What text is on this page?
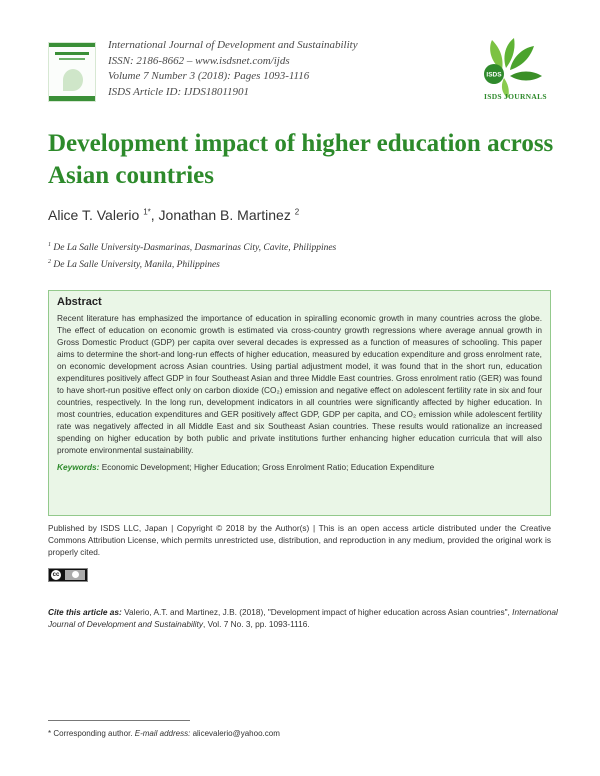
International Journal of Development and Sustainability
ISSN: 2186-8662 – www.isdsnet.com/ijds
Volume 7 Number 3 (2018): Pages 1093-1116
ISDS Article ID: IJDS18011901
ISDS
ISDS JOURNALS
Development impact of higher education across Asian countries
Alice T. Valerio $^{1*}$, Jonathan B. Martinez $^2$
$^1$ De La Salle University-Dasmarinas, Dasmarinas City, Cavite, Philippines
$^2$ De La Salle University, Manila, Philippines
Abstract
Recent literature has emphasized the importance of education in spiralling economic growth in many countries across the globe. The effect of education on economic growth is estimated via cross-country growth regressions where average annual growth in Gross Domestic Product (GDP) per capita over several decades is expressed as a function of measures of schooling. This paper aims to determine the short-and long-run effects of higher education, measured by education expenditure and gross enrolment rate, on economic development across Asian countries. Using partial adjustment model, it was found that in the short run, education expenditures positively affect GDP in four Southeast Asian and three Middle East countries. Gross enrolment ratio (GER) was found to have short-run positive effect only on carbon dioxide (CO₂) emission and negative effect on adolescent fertility rate in six and four countries, respectively. In the long run, development indicators in all countries were significantly affected by higher education. In most countries, education expenditures and GER positively affect GDP, GDP per capita, and CO₂ emission while adolescent fertility rate was negatively affected in all Middle East and six Southeast Asian countries. These results would rationalize an increased spending on higher education by both public and private institutions further enhancing higher education curricula that will also promote environmental sustainability.
Keywords: Economic Development; Higher Education; Gross Enrolment Ratio; Education Expenditure
Published by ISDS LLC, Japan | Copyright © 2018 by the Author(s) | This is an open access article distributed under the Creative Commons Attribution License, which permits unrestricted use, distribution, and reproduction in any medium, provided the original work is properly cited.
cc
Cite this article as: Valerio, A.T. and Martinez, J.B. (2018), "Development impact of higher education across Asian countries", International Journal of Development and Sustainability, Vol. 7 No. 3, pp. 1093-1116.
* Corresponding author. E-mail address: alicevalerio@yahoo.com
